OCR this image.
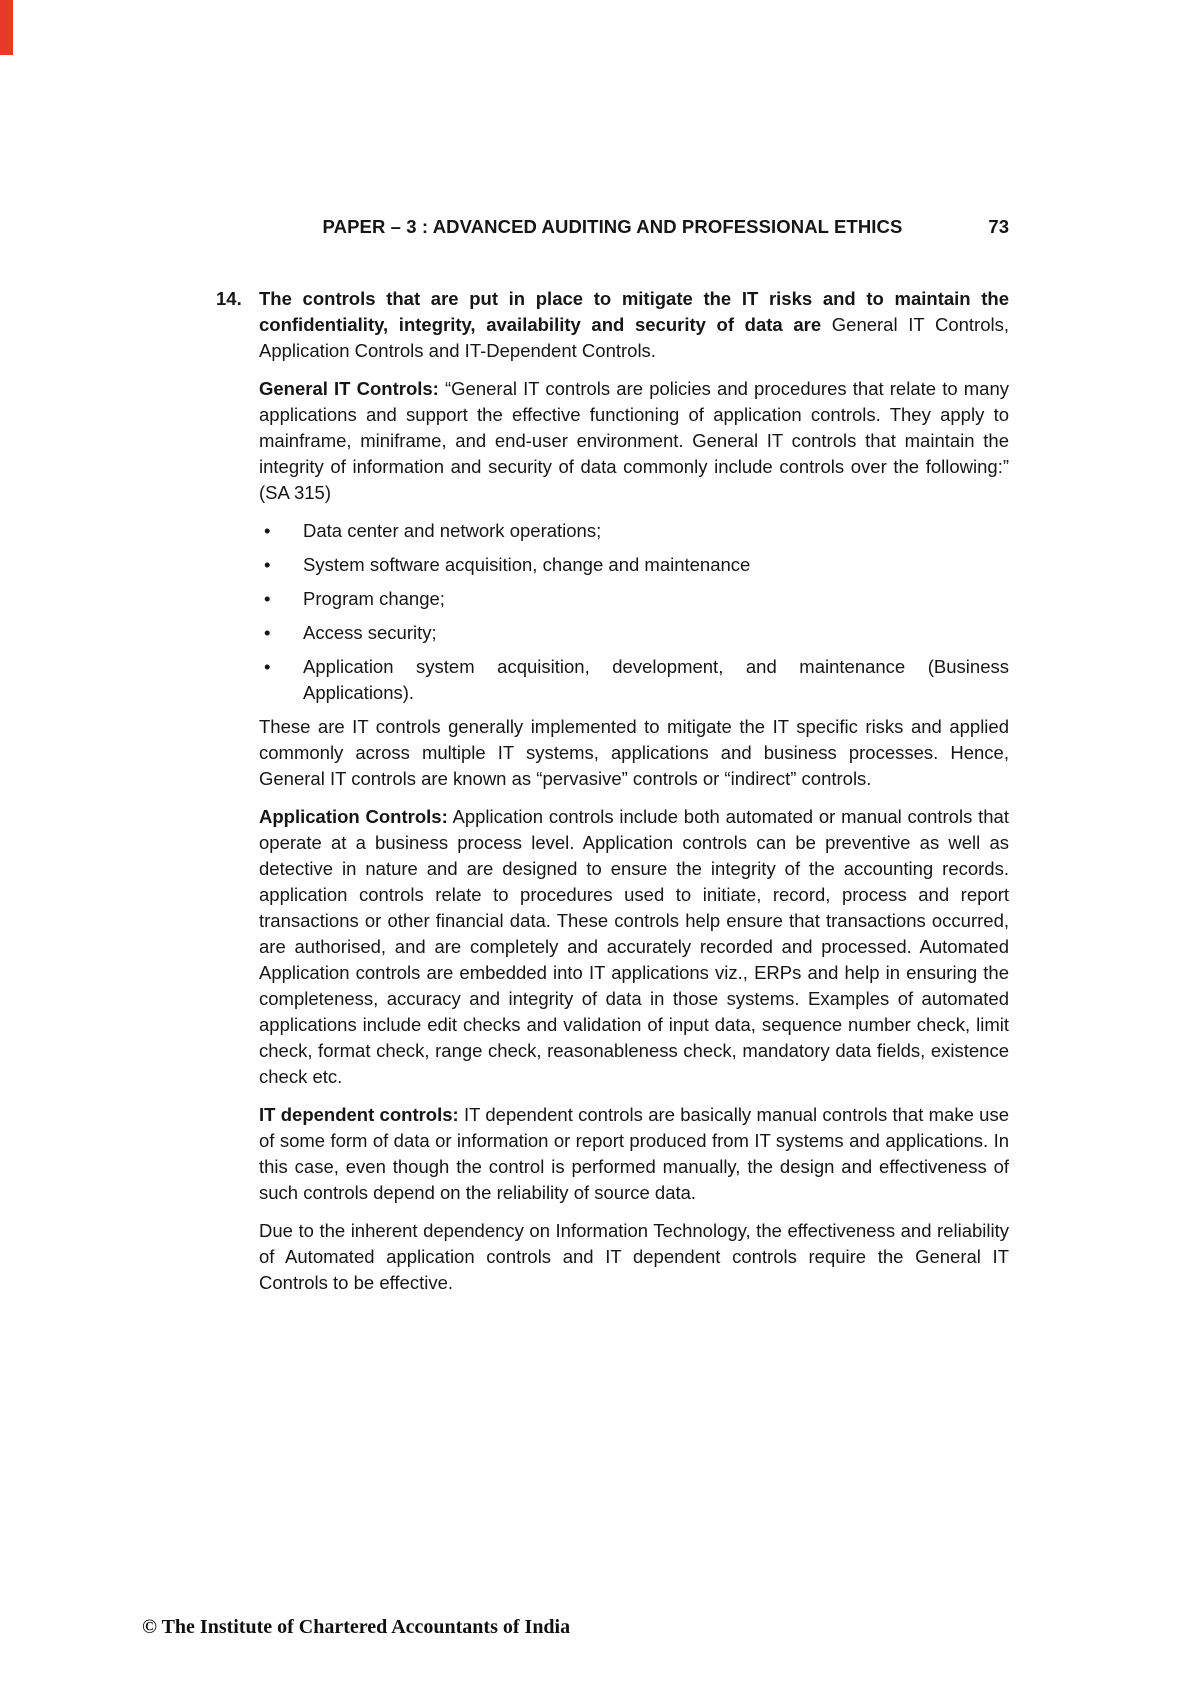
PAPER – 3 : ADVANCED AUDITING AND PROFESSIONAL ETHICS	73

14. The controls that are put in place to mitigate the IT risks and to maintain the confidentiality, integrity, availability and security of data are General IT Controls, Application Controls and IT-Dependent Controls.

General IT Controls: “General IT controls are policies and procedures that relate to many applications and support the effective functioning of application controls. They apply to mainframe, miniframe, and end-user environment. General IT controls that maintain the integrity of information and security of data commonly include controls over the following:” (SA 315)

• Data center and network operations;
• System software acquisition, change and maintenance
• Program change;
• Access security;
• Application system acquisition, development, and maintenance (Business Applications).

These are IT controls generally implemented to mitigate the IT specific risks and applied commonly across multiple IT systems, applications and business processes. Hence, General IT controls are known as “pervasive” controls or “indirect” controls.

Application Controls: Application controls include both automated or manual controls that operate at a business process level. Application controls can be preventive as well as detective in nature and are designed to ensure the integrity of the accounting records. application controls relate to procedures used to initiate, record, process and report transactions or other financial data. These controls help ensure that transactions occurred, are authorised, and are completely and accurately recorded and processed. Automated Application controls are embedded into IT applications viz., ERPs and help in ensuring the completeness, accuracy and integrity of data in those systems. Examples of automated applications include edit checks and validation of input data, sequence number check, limit check, format check, range check, reasonableness check, mandatory data fields, existence check etc.

IT dependent controls: IT dependent controls are basically manual controls that make use of some form of data or information or report produced from IT systems and applications. In this case, even though the control is performed manually, the design and effectiveness of such controls depend on the reliability of source data.

Due to the inherent dependency on Information Technology, the effectiveness and reliability of Automated application controls and IT dependent controls require the General IT Controls to be effective.

© The Institute of Chartered Accountants of India
